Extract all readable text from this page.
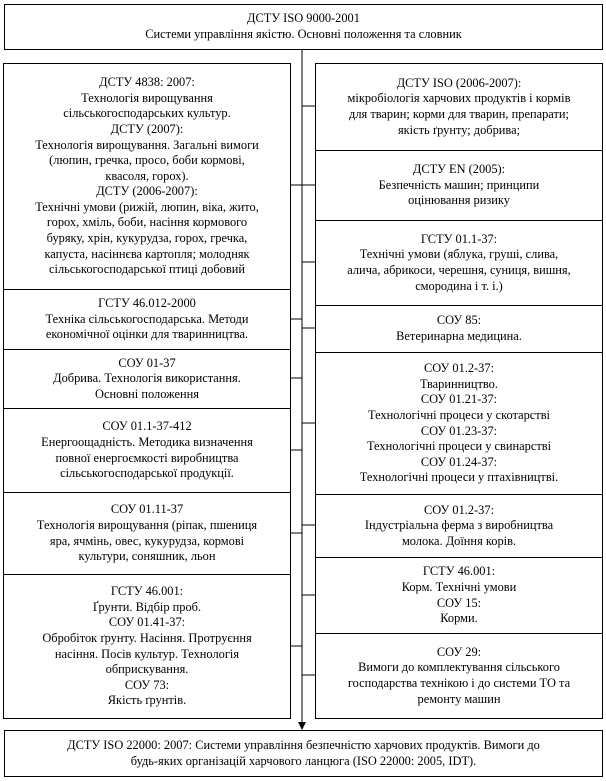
ДСТУ ISO 9000-2001
Системи управління якістю. Основні положення та словник
ДСТУ 4838: 2007:
Технологія вирощування
сільськогосподарських культур.
ДСТУ (2007):
Технологія вирощування. Загальні вимоги
(люпин, гречка, просо, боби кормові,
квасоля, горох).
ДСТУ (2006-2007):
Технічні умови (рижій, люпин, віка, жито,
горох, хміль, боби, насіння кормового
буряку, хрін, кукурудза, горох, гречка,
капуста, насіннєва картопля; молодняк
сільськогосподарської птиці добовий
ГСТУ 46.012-2000
Техніка сільськогосподарська. Методи
економічної оцінки для тваринництва.
СОУ 01-37
Добрива. Технологія використання.
Основні положення
СОУ 01.1-37-412
Енергоощадність. Методика визначення
повної енергоємкості виробництва
сільськогосподарської продукції.
СОУ 01.11-37
Технологія вирощування (ріпак, пшениця
яра, ячмінь, овес, кукурудза, кормові
культури, соняшник, льон
ГСТУ 46.001:
Ґрунти. Відбір проб.
СОУ 01.41-37:
Обробіток ґрунту. Насіння. Протруєння
насіння. Посів культур. Технологія
обприскування.
СОУ 73:
Якість ґрунтів.
ДСТУ ISO (2006-2007):
мікробіологія харчових продуктів і кормів
для тварин; корми для тварин, препарати;
якість ґрунту; добрива;
ДСТУ EN (2005):
Безпечність машин; принципи
оцінювання ризику
ГСТУ 01.1-37:
Технічні умови (яблука, груші, слива,
алича, абрикоси, черешня, суниця, вишня,
смородина і т. і.)
СОУ 85:
Ветеринарна медицина.
СОУ 01.2-37:
Тваринництво.
СОУ 01.21-37:
Технологічні процеси у скотарстві
СОУ 01.23-37:
Технологічні процеси у свинарстві
СОУ 01.24-37:
Технологічні процеси у птахівництві.
СОУ 01.2-37:
Індустріальна ферма з виробництва
молока. Доїння корів.
ГСТУ 46.001:
Корм. Технічні умови
СОУ 15:
Корми.
СОУ 29:
Вимоги до комплектування сільського
господарства технікою і до системи ТО та
ремонту машин
ДСТУ ISO 22000: 2007: Системи управління безпечністю харчових продуктів. Вимоги до
будь-яких організацій харчового ланцюга (ISO 22000: 2005, IDT).
